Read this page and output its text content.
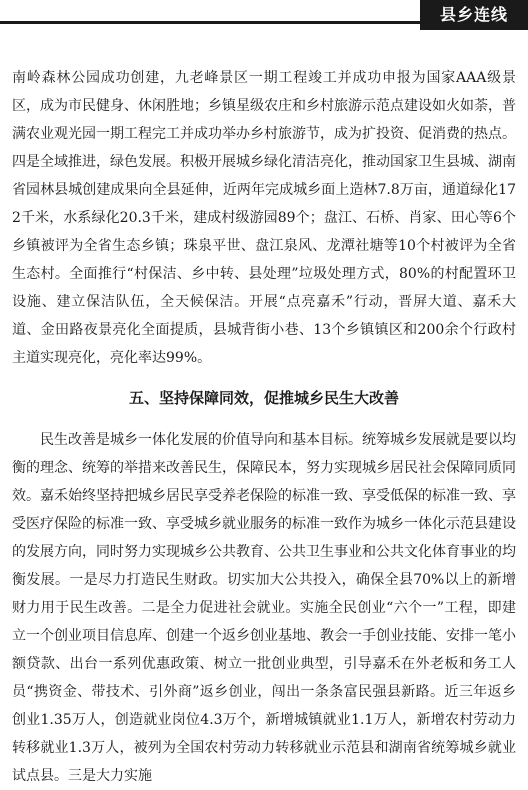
县乡连线

南岭森林公园成功创建，九老峰景区一期工程竣工并成功申报为国家AAA级景区，成为市民健身、休闲胜地；乡镇星级农庄和乡村旅游示范点建设如火如荼，普满农业观光园一期工程完工并成功举办乡村旅游节，成为扩投资、促消费的热点。四是全域推进，绿色发展。积极开展城乡绿化清洁亮化，推动国家卫生县城、湖南省园林县城创建成果向全县延伸，近两年完成城乡面上造林7.8万亩，通道绿化172千米，水系绿化20.3千米，建成村级游园89个；盘江、石桥、肖家、田心等6个乡镇被评为全省生态乡镇；珠泉平世、盘江泉风、龙潭社塘等10个村被评为全省生态村。全面推行“村保洁、乡中转、县处理”垃圾处理方式，80%的村配置环卫设施、建立保洁队伍，全天候保洁。开展“点亮嘉禾”行动，晋屏大道、嘉禾大道、金田路夜景亮化全面提质，县城背街小巷、13个乡镇镇区和200余个行政村主道实现亮化，亮化率达99%。

五、坚持保障同效，促推城乡民生大改善

民生改善是城乡一体化发展的价值导向和基本目标。统筹城乡发展就是要以均衡的理念、统筹的举措来改善民生，保障民本，努力实现城乡居民社会保障同质同效。嘉禾始终坚持把城乡居民享受养老保险的标准一致、享受低保的标准一致、享受医疗保险的标准一致、享受城乡就业服务的标准一致作为城乡一体化示范县建设的发展方向，同时努力实现城乡公共教育、公共卫生事业和公共文化体育事业的均衡发展。一是尽力打造民生财政。切实加大公共投入，确保全县70%以上的新增财力用于民生改善。二是全力促进社会就业。实施全民创业“六个一”工程，即建立一个创业项目信息库、创建一个返乡创业基地、教会一手创业技能、安排一笔小额贷款、出台一系列优惠政策、树立一批创业典型，引导嘉禾在外老板和务工人员“携资金、带技术、引外商”返乡创业，闯出一条条富民强县新路。近三年返乡创业1.35万人，创造就业岗位4.3万个，新增城镇就业1.1万人，新增农村劳动力转移就业1.3万人，被列为全国农村劳动力转移就业示范县和湖南省统筹城乡就业试点县。三是大力实施
